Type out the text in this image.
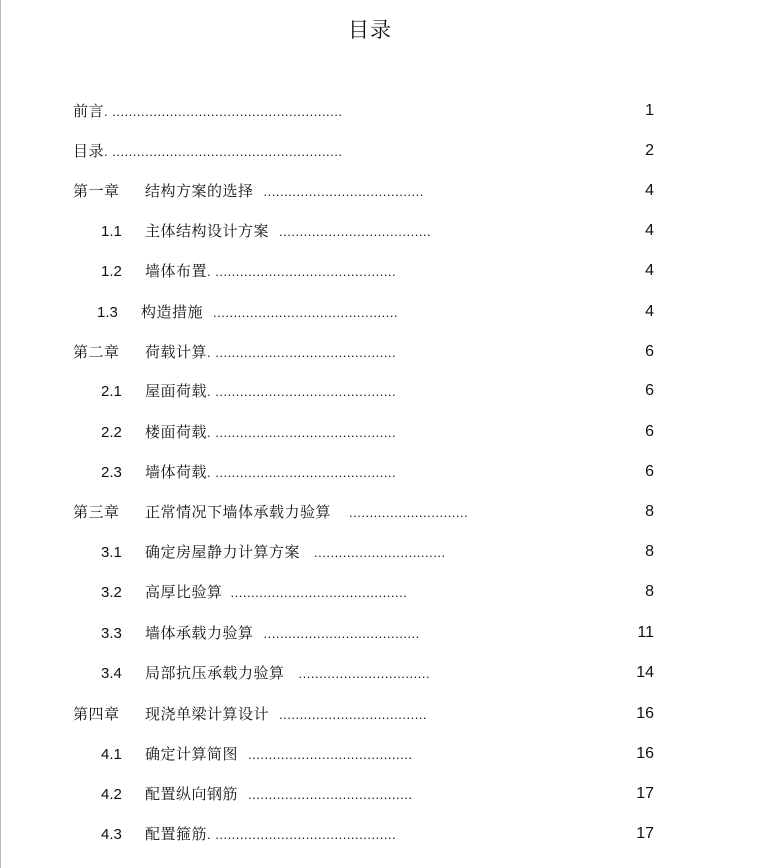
目录
前言. ........................................................	1
目录. ........................................................	2
第一章 结构方案的选择 .......................................	4
1.1 主体结构设计方案 .....................................	4
1.2 墙体布置. ............................................	4
1.3 构造措施 .............................................	4
第二章 荷载计算. ............................................	6
2.1 屋面荷载. ............................................	6
2.2 楼面荷载. ............................................	6
2.3 墙体荷载. ............................................	6
第三章 正常情况下墙体承载力验算 .............................	8
3.1 确定房屋静力计算方案 ................................	8
3.2 高厚比验算 ...........................................	8
3.3 墙体承载力验算 ......................................	11
3.4 局部抗压承载力验算 ................................	14
第四章 现浇单梁计算设计 ....................................	16
4.1 确定计算简图 ........................................	16
4.2 配置纵向钢筋 ........................................	17
4.3 配置箍筋. ............................................	17
